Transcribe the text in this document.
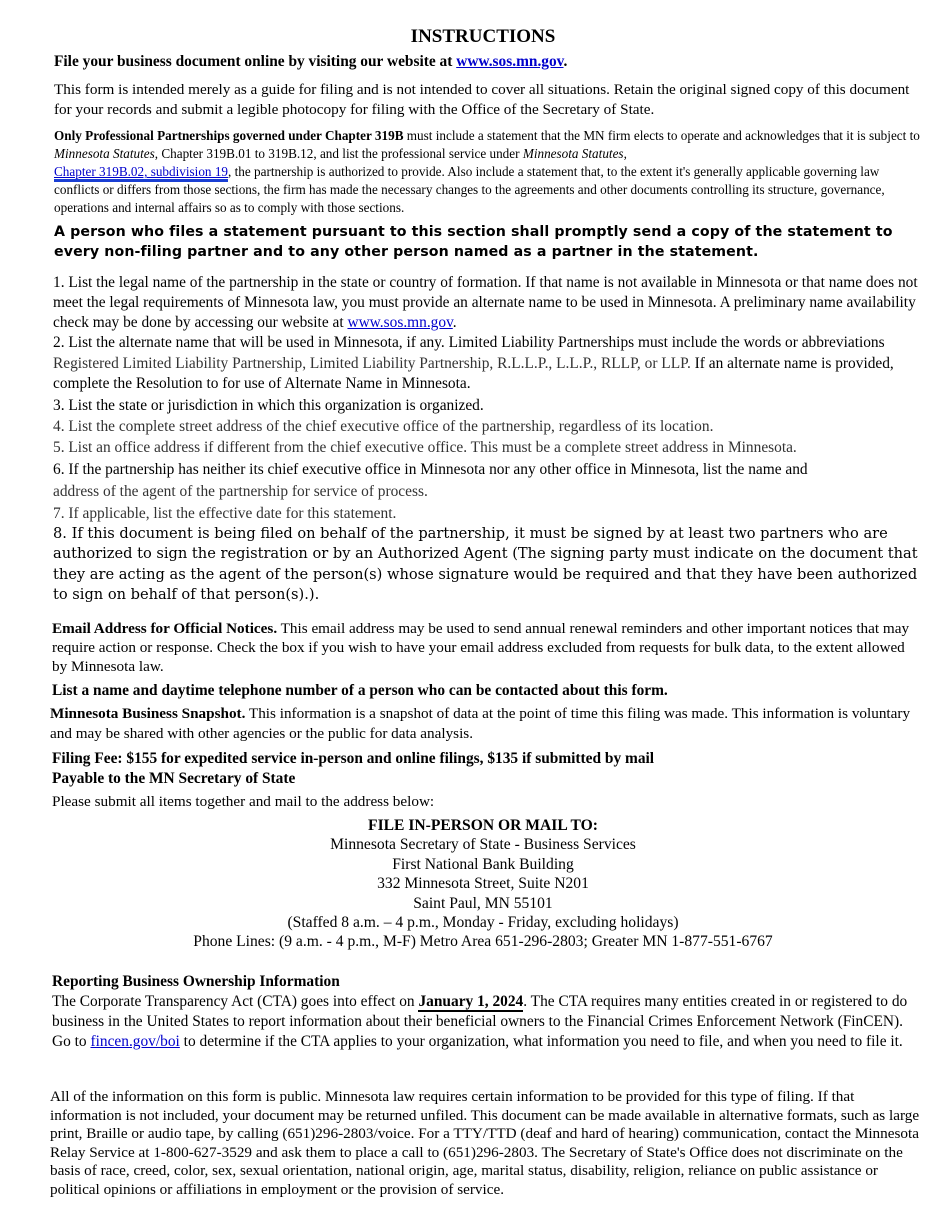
INSTRUCTIONS
File your business document online by visiting our website at www.sos.mn.gov.

This form is intended merely as a guide for filing and is not intended to cover all situations. Retain the original signed copy of this document for your records and submit a legible photocopy for filing with the Office of the Secretary of State.

Only Professional Partnerships governed under Chapter 319B must include a statement that the MN firm elects to operate and acknowledges that it is subject to Minnesota Statutes, Chapter 319B.01 to 319B.12, and list the professional service under Minnesota Statutes,
Chapter 319B.02, subdivision 19, the partnership is authorized to provide. Also include a statement that, to the extent it's generally applicable governing law conflicts or differs from those sections, the firm has made the necessary changes to the agreements and other documents controlling its structure, governance, operations and internal affairs so as to comply with those sections.

A person who files a statement pursuant to this section shall promptly send a copy of the statement to every non-filing partner and to any other person named as a partner in the statement.

1. List the legal name of the partnership in the state or country of formation. If that name is not available in Minnesota or that name does not meet the legal requirements of Minnesota law, you must provide an alternate name to be used in Minnesota. A preliminary name availability check may be done by accessing our website at www.sos.mn.gov.

2. List the alternate name that will be used in Minnesota, if any. Limited Liability Partnerships must include the words or abbreviations Registered Limited Liability Partnership, Limited Liability Partnership, R.L.L.P., L.L.P., RLLP, or LLP. If an alternate name is provided, complete the Resolution to for use of Alternate Name in Minnesota.

3. List the state or jurisdiction in which this organization is organized.

4. List the complete street address of the chief executive office of the partnership, regardless of its location.

5. List an office address if different from the chief executive office. This must be a complete street address in Minnesota.

6. If the partnership has neither its chief executive office in Minnesota nor any other office in Minnesota, list the name and

address of the agent of the partnership for service of process.

7. If applicable, list the effective date for this statement.

8. If this document is being filed on behalf of the partnership, it must be signed by at least two partners who are authorized to sign the registration or by an Authorized Agent (The signing party must indicate on the document that they are acting as the agent of the person(s) whose signature would be required and that they have been authorized to sign on behalf of that person(s).).

Email Address for Official Notices. This email address may be used to send annual renewal reminders and other important notices that may require action or response. Check the box if you wish to have your email address excluded from requests for bulk data, to the extent allowed by Minnesota law.

List a name and daytime telephone number of a person who can be contacted about this form.

Minnesota Business Snapshot. This information is a snapshot of data at the point of time this filing was made. This information is voluntary and may be shared with other agencies or the public for data analysis.

Filing Fee: $155 for expedited service in-person and online filings, $135 if submitted by mail
Payable to the MN Secretary of State

Please submit all items together and mail to the address below:

FILE IN-PERSON OR MAIL TO:
Minnesota Secretary of State - Business Services
First National Bank Building
332 Minnesota Street, Suite N201
Saint Paul, MN 55101
(Staffed 8 a.m. – 4 p.m., Monday - Friday, excluding holidays)
Phone Lines: (9 a.m. - 4 p.m., M-F) Metro Area 651-296-2803; Greater MN 1-877-551-6767
Reporting Business Ownership Information
The Corporate Transparency Act (CTA) goes into effect on January 1, 2024. The CTA requires many entities created in or registered to do business in the United States to report information about their beneficial owners to the Financial Crimes Enforcement Network (FinCEN). Go to fincen.gov/boi to determine if the CTA applies to your organization, what information you need to file, and when you need to file it.

All of the information on this form is public. Minnesota law requires certain information to be provided for this type of filing. If that information is not included, your document may be returned unfiled. This document can be made available in alternative formats, such as large print, Braille or audio tape, by calling (651)296-2803/voice. For a TTY/TTD (deaf and hard of hearing) communication, contact the Minnesota Relay Service at 1-800-627-3529 and ask them to place a call to (651)296-2803. The Secretary of State's Office does not discriminate on the basis of race, creed, color, sex, sexual orientation, national origin, age, marital status, disability, religion, reliance on public assistance or political opinions or affiliations in employment or the provision of service.
